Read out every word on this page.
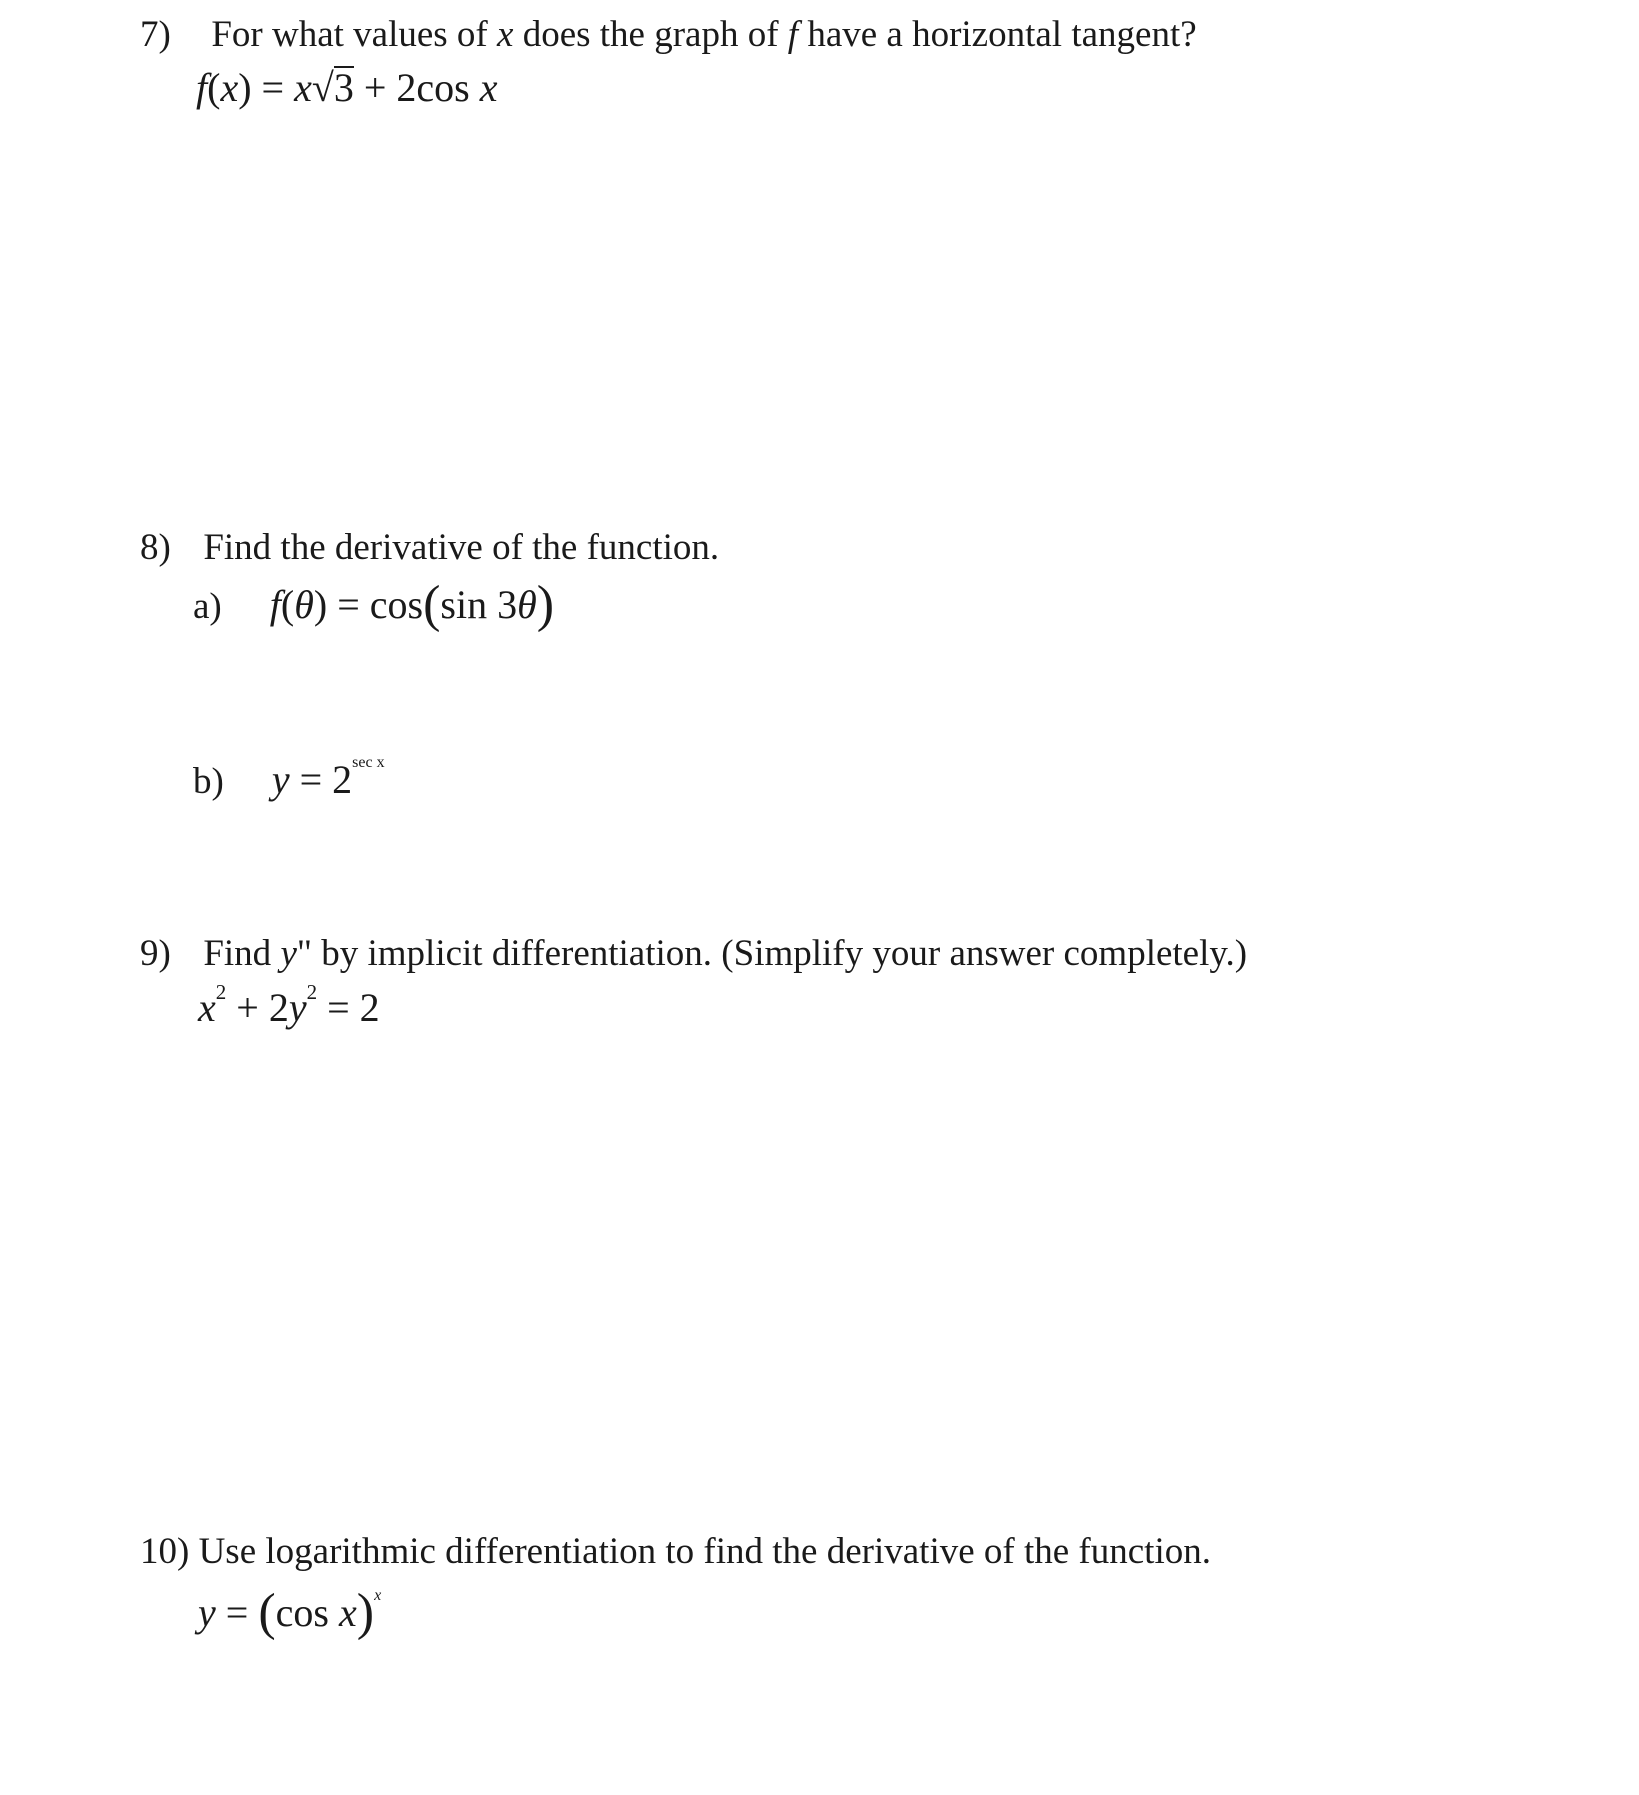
7) For what values of x does the graph of f have a horizontal tangent?
f(x) = x√3 + 2cos x
8) Find the derivative of the function.
a) f(θ) = cos(sin 3θ)
b) $y = 2^{sec x}$
9) Find y" by implicit differentiation. (Simplify your answer completely.)
$x^2 + 2y^2 = 2$
10) Use logarithmic differentiation to find the derivative of the function.
y = (cos x)$^x$
